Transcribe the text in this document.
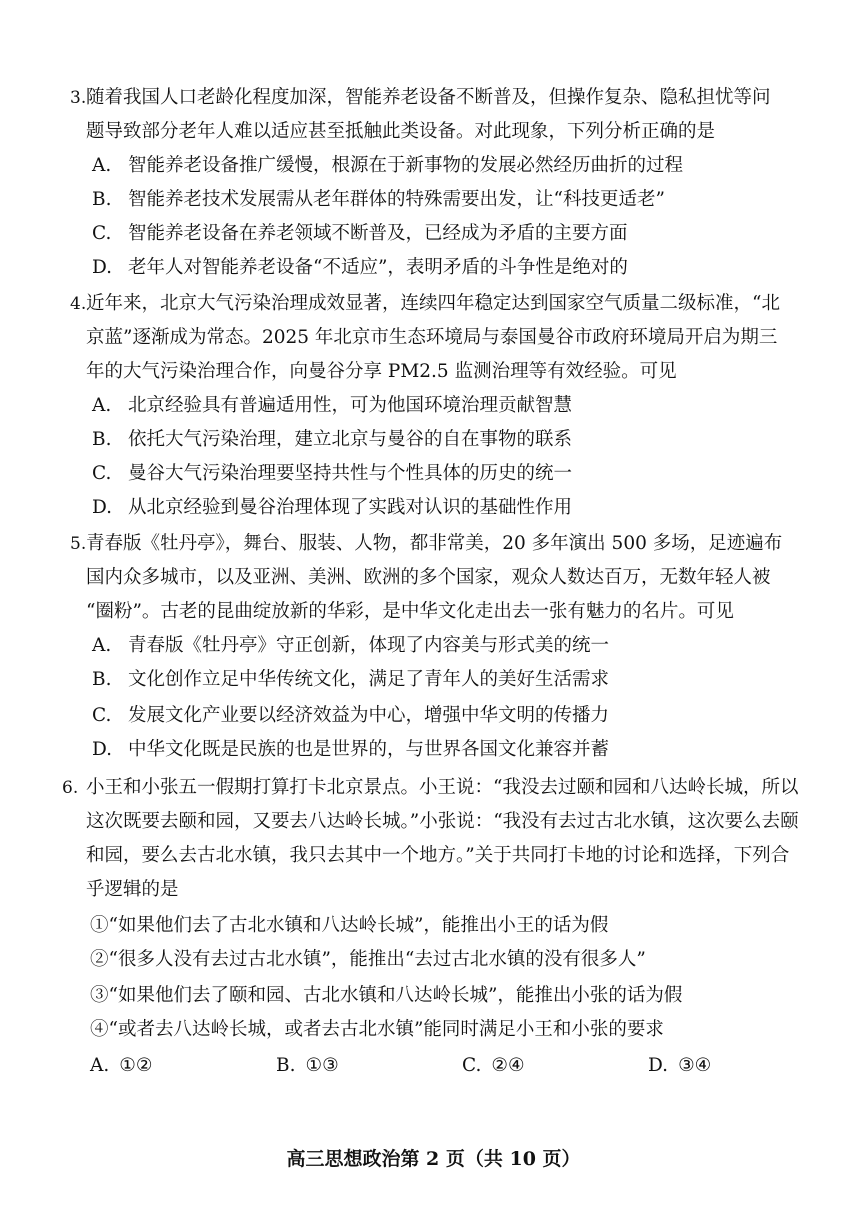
3. 随着我国人口老龄化程度加深，智能养老设备不断普及，但操作复杂、隐私担忧等问
题导致部分老年人难以适应甚至抵触此类设备。对此现象，下列分析正确的是
A. 智能养老设备推广缓慢，根源在于新事物的发展必然经历曲折的过程
B. 智能养老技术发展需从老年群体的特殊需要出发，让“科技更适老”
C. 智能养老设备在养老领域不断普及，已经成为矛盾的主要方面
D. 老年人对智能养老设备“不适应”，表明矛盾的斗争性是绝对的
4. 近年来，北京大气污染治理成效显著，连续四年稳定达到国家空气质量二级标准，“北
京蓝”逐渐成为常态。2025 年北京市生态环境局与泰国曼谷市政府环境局开启为期三
年的大气污染治理合作，向曼谷分享 PM2.5 监测治理等有效经验。可见
A. 北京经验具有普遍适用性，可为他国环境治理贡献智慧
B. 依托大气污染治理，建立北京与曼谷的自在事物的联系
C. 曼谷大气污染治理要坚持共性与个性具体的历史的统一
D. 从北京经验到曼谷治理体现了实践对认识的基础性作用
5. 青春版《牡丹亭》，舞台、服装、人物，都非常美，20 多年演出 500 多场，足迹遍布
国内众多城市，以及亚洲、美洲、欧洲的多个国家，观众人数达百万，无数年轻人被
“圈粉”。古老的昆曲绽放新的华彩，是中华文化走出去一张有魅力的名片。可见
A. 青春版《牡丹亭》守正创新，体现了内容美与形式美的统一
B. 文化创作立足中华传统文化，满足了青年人的美好生活需求
C. 发展文化产业要以经济效益为中心，增强中华文明的传播力
D. 中华文化既是民族的也是世界的，与世界各国文化兼容并蓄
6. 小王和小张五一假期打算打卡北京景点。小王说：“我没去过颐和园和八达岭长城，所以
这次既要去颐和园，又要去八达岭长城。”小张说：“我没有去过古北水镇，这次要么去颐
和园，要么去古北水镇，我只去其中一个地方。”关于共同打卡地的讨论和选择，下列合
乎逻辑的是
①“如果他们去了古北水镇和八达岭长城”，能推出小王的话为假
②“很多人没有去过古北水镇”，能推出“去过古北水镇的没有很多人”
③“如果他们去了颐和园、古北水镇和八达岭长城”，能推出小张的话为假
④“或者去八达岭长城，或者去古北水镇”能同时满足小王和小张的要求
A. ①②	B. ①③	C. ②④	D. ③④
高三思想政治第 2 页（共 10 页）
